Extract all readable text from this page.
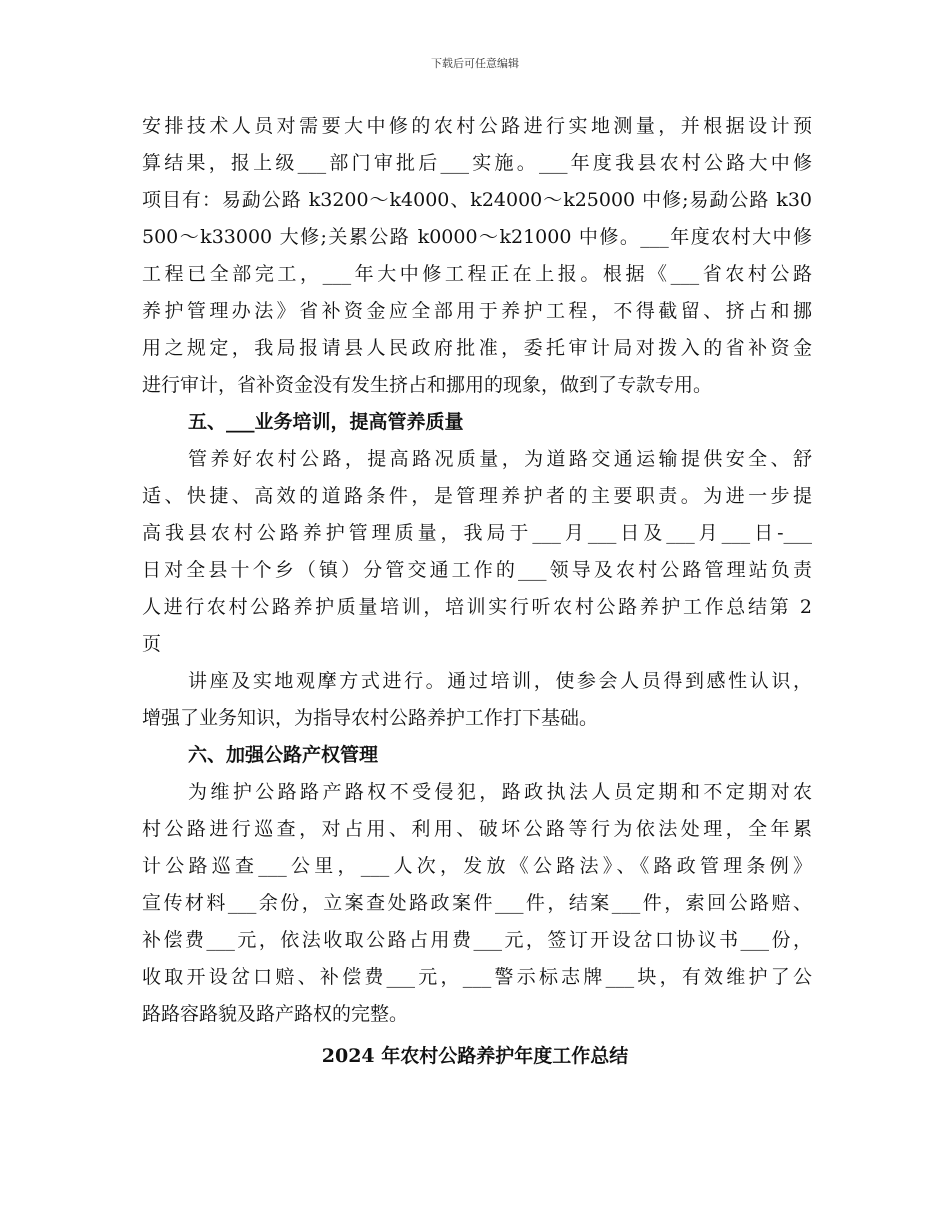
下载后可任意编辑
安排技术人员对需要大中修的农村公路进行实地测量，并根据设计预
算结果，报上级___部门审批后___实施。___年度我县农村公路大中修
项目有：易勐公路 k3200～k4000、k24000～k25000 中修;易勐公路 k30
500～k33000 大修;关累公路 k0000～k21000 中修。___年度农村大中修
工程已全部完工，___年大中修工程正在上报。根据《___省农村公路
养护管理办法》省补资金应全部用于养护工程，不得截留、挤占和挪
用之规定，我局报请县人民政府批准，委托审计局对拨入的省补资金
进行审计，省补资金没有发生挤占和挪用的现象，做到了专款专用。
五、___业务培训，提高管养质量
管养好农村公路，提高路况质量，为道路交通运输提供安全、舒
适、快捷、高效的道路条件，是管理养护者的主要职责。为进一步提
高我县农村公路养护管理质量，我局于___月___日及___月___日-___
日对全县十个乡（镇）分管交通工作的___领导及农村公路管理站负责
人进行农村公路养护质量培训，培训实行听农村公路养护工作总结第 2
页
讲座及实地观摩方式进行。通过培训，使参会人员得到感性认识，
增强了业务知识，为指导农村公路养护工作打下基础。
六、加强公路产权管理
为维护公路路产路权不受侵犯，路政执法人员定期和不定期对农
村公路进行巡查，对占用、利用、破坏公路等行为依法处理，全年累
计公路巡查___公里，___人次，发放《公路法》、《路政管理条例》
宣传材料___余份，立案查处路政案件___件，结案___件，索回公路赔、
补偿费___元，依法收取公路占用费___元，签订开设岔口协议书___份，
收取开设岔口赔、补偿费___元，___警示标志牌___块，有效维护了公
路路容路貌及路产路权的完整。
2024 年农村公路养护年度工作总结
